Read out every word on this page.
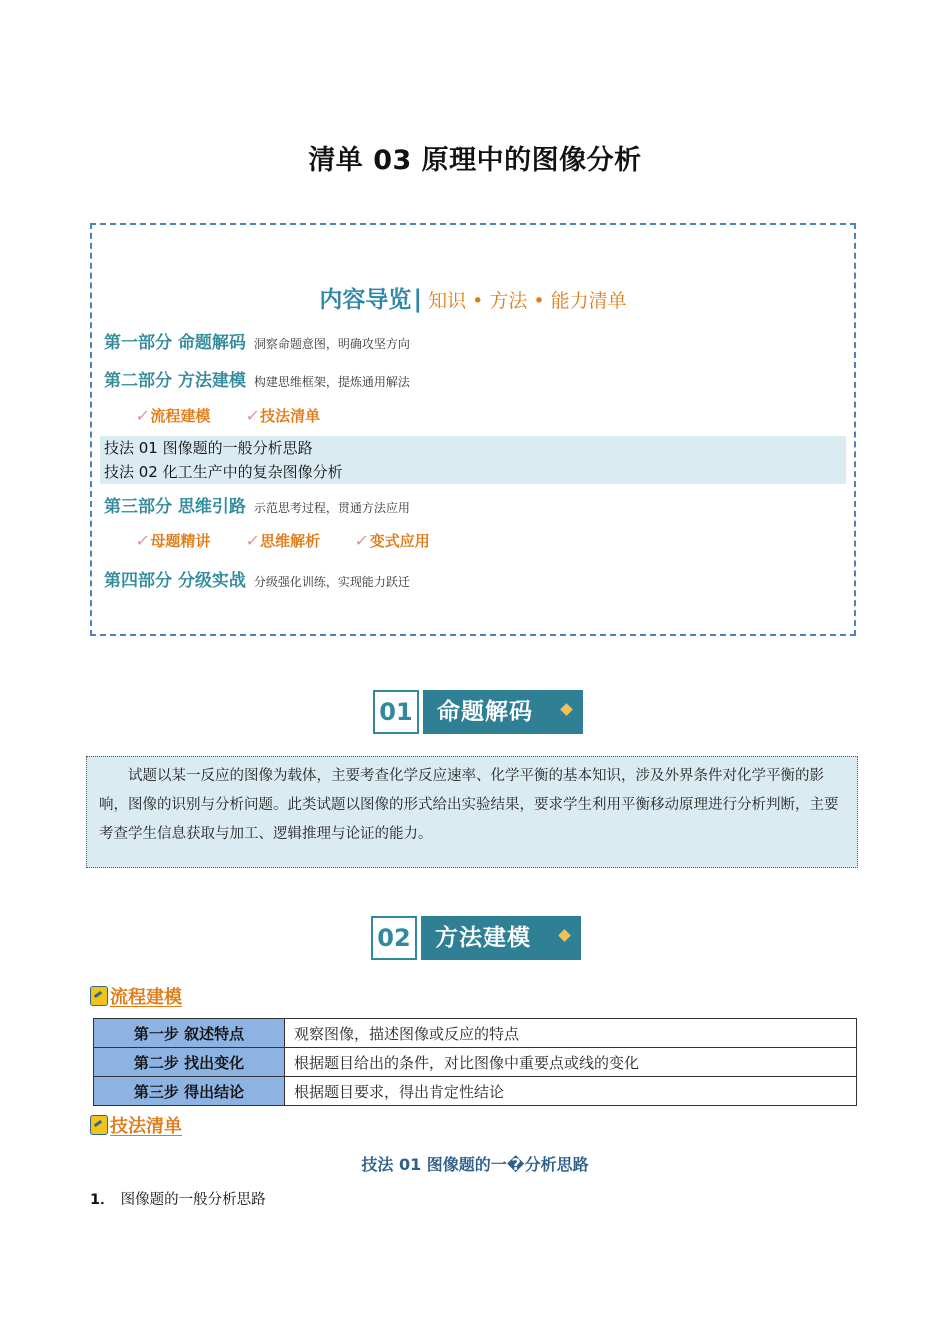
清单 03 原理中的图像分析
内容导览| 知识 • 方法 • 能力清单
第一部分 命题解码 洞察命题意图，明确攻坚方向
第二部分 方法建模 构建思维框架，提炼通用解法
✓流程建模 ✓技法清单
技法 01 图像题的一般分析思路
技法 02 化工生产中的复杂图像分析
第三部分 思维引路 示范思考过程，贯通方法应用
✓母题精讲 ✓思维解析 ✓变式应用
第四部分 分级实战 分级强化训练，实现能力跃迁
01	命题解码
试题以某一反应的图像为载体，主要考查化学反应速率、化学平衡的基本知识，涉及外界条件对化学平衡的影响，图像的识别与分析问题。此类试题以图像的形式给出实验结果，要求学生利用平衡移动原理进行分析判断，主要考查学生信息获取与加工、逻辑推理与论证的能力。
02	方法建模
流程建模
第一步 叙述特点	观察图像，描述图像或反应的特点
第二步 找出变化	根据题目给出的条件，对比图像中重要点或线的变化
第三步 得出结论	根据题目要求，得出肯定性结论
技法清单
技法 01 图像题的一�分析思路
1． 图像题的一般分析思路
